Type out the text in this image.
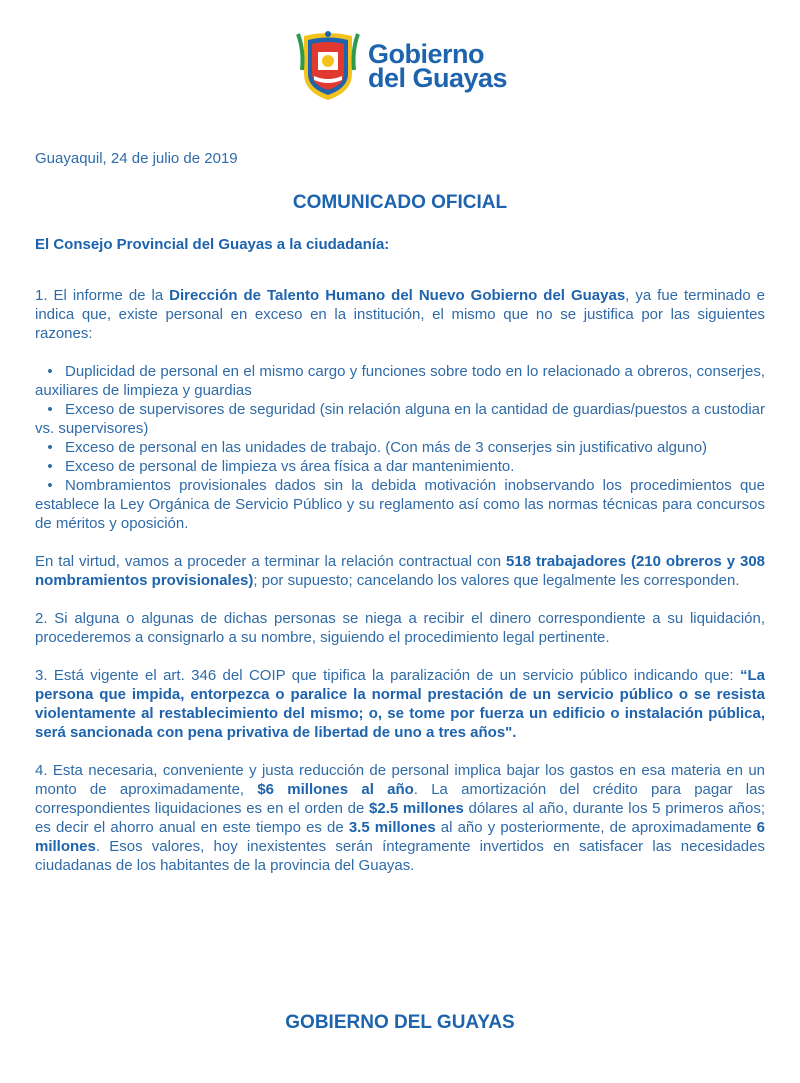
Gobierno
del Guayas
Guayaquil, 24 de julio de 2019
COMUNICADO OFICIAL
El Consejo Provincial del Guayas a la ciudadanía:

1. El informe de la Dirección de Talento Humano del Nuevo Gobierno del Guayas, ya fue terminado e indica que, existe personal en exceso en la institución, el mismo que no se justifica por las siguientes razones:

• Duplicidad de personal en el mismo cargo y funciones sobre todo en lo relacionado a obreros, conserjes, auxiliares de limpieza y guardias
• Exceso de supervisores de seguridad (sin relación alguna en la cantidad de guardias/puestos a custodiar vs. supervisores)
• Exceso de personal en las unidades de trabajo. (Con más de 3 conserjes sin justificativo alguno)
• Exceso de personal de limpieza vs área física a dar mantenimiento.
• Nombramientos provisionales dados sin la debida motivación inobservando los procedimientos que establece la Ley Orgánica de Servicio Público y su reglamento así como las normas técnicas para concursos de méritos y oposición.

En tal virtud, vamos a proceder a terminar la relación contractual con 518 trabajadores (210 obreros y 308 nombramientos provisionales); por supuesto; cancelando los valores que legalmente les corresponden.

2. Si alguna o algunas de dichas personas se niega a recibir el dinero correspondiente a su liquidación, procederemos a consignarlo a su nombre, siguiendo el procedimiento legal pertinente.

3. Está vigente el art. 346 del COIP que tipifica la paralización de un servicio público indicando que: “La persona que impida, entorpezca o paralice la normal prestación de un servicio público o se resista violentamente al restablecimiento del mismo; o, se tome por fuerza un edificio o instalación pública, será sancionada con pena privativa de libertad de uno a tres años".

4. Esta necesaria, conveniente y justa reducción de personal implica bajar los gastos en esa materia en un monto de aproximadamente, $6 millones al año. La amortización del crédito para pagar las correspondientes liquidaciones es en el orden de $2.5 millones dólares al año, durante los 5 primeros años; es decir el ahorro anual en este tiempo es de 3.5 millones al año y posteriormente, de aproximadamente 6 millones. Esos valores, hoy inexistentes serán íntegramente invertidos en satisfacer las necesidades ciudadanas de los habitantes de la provincia del Guayas.

GOBIERNO DEL GUAYAS
